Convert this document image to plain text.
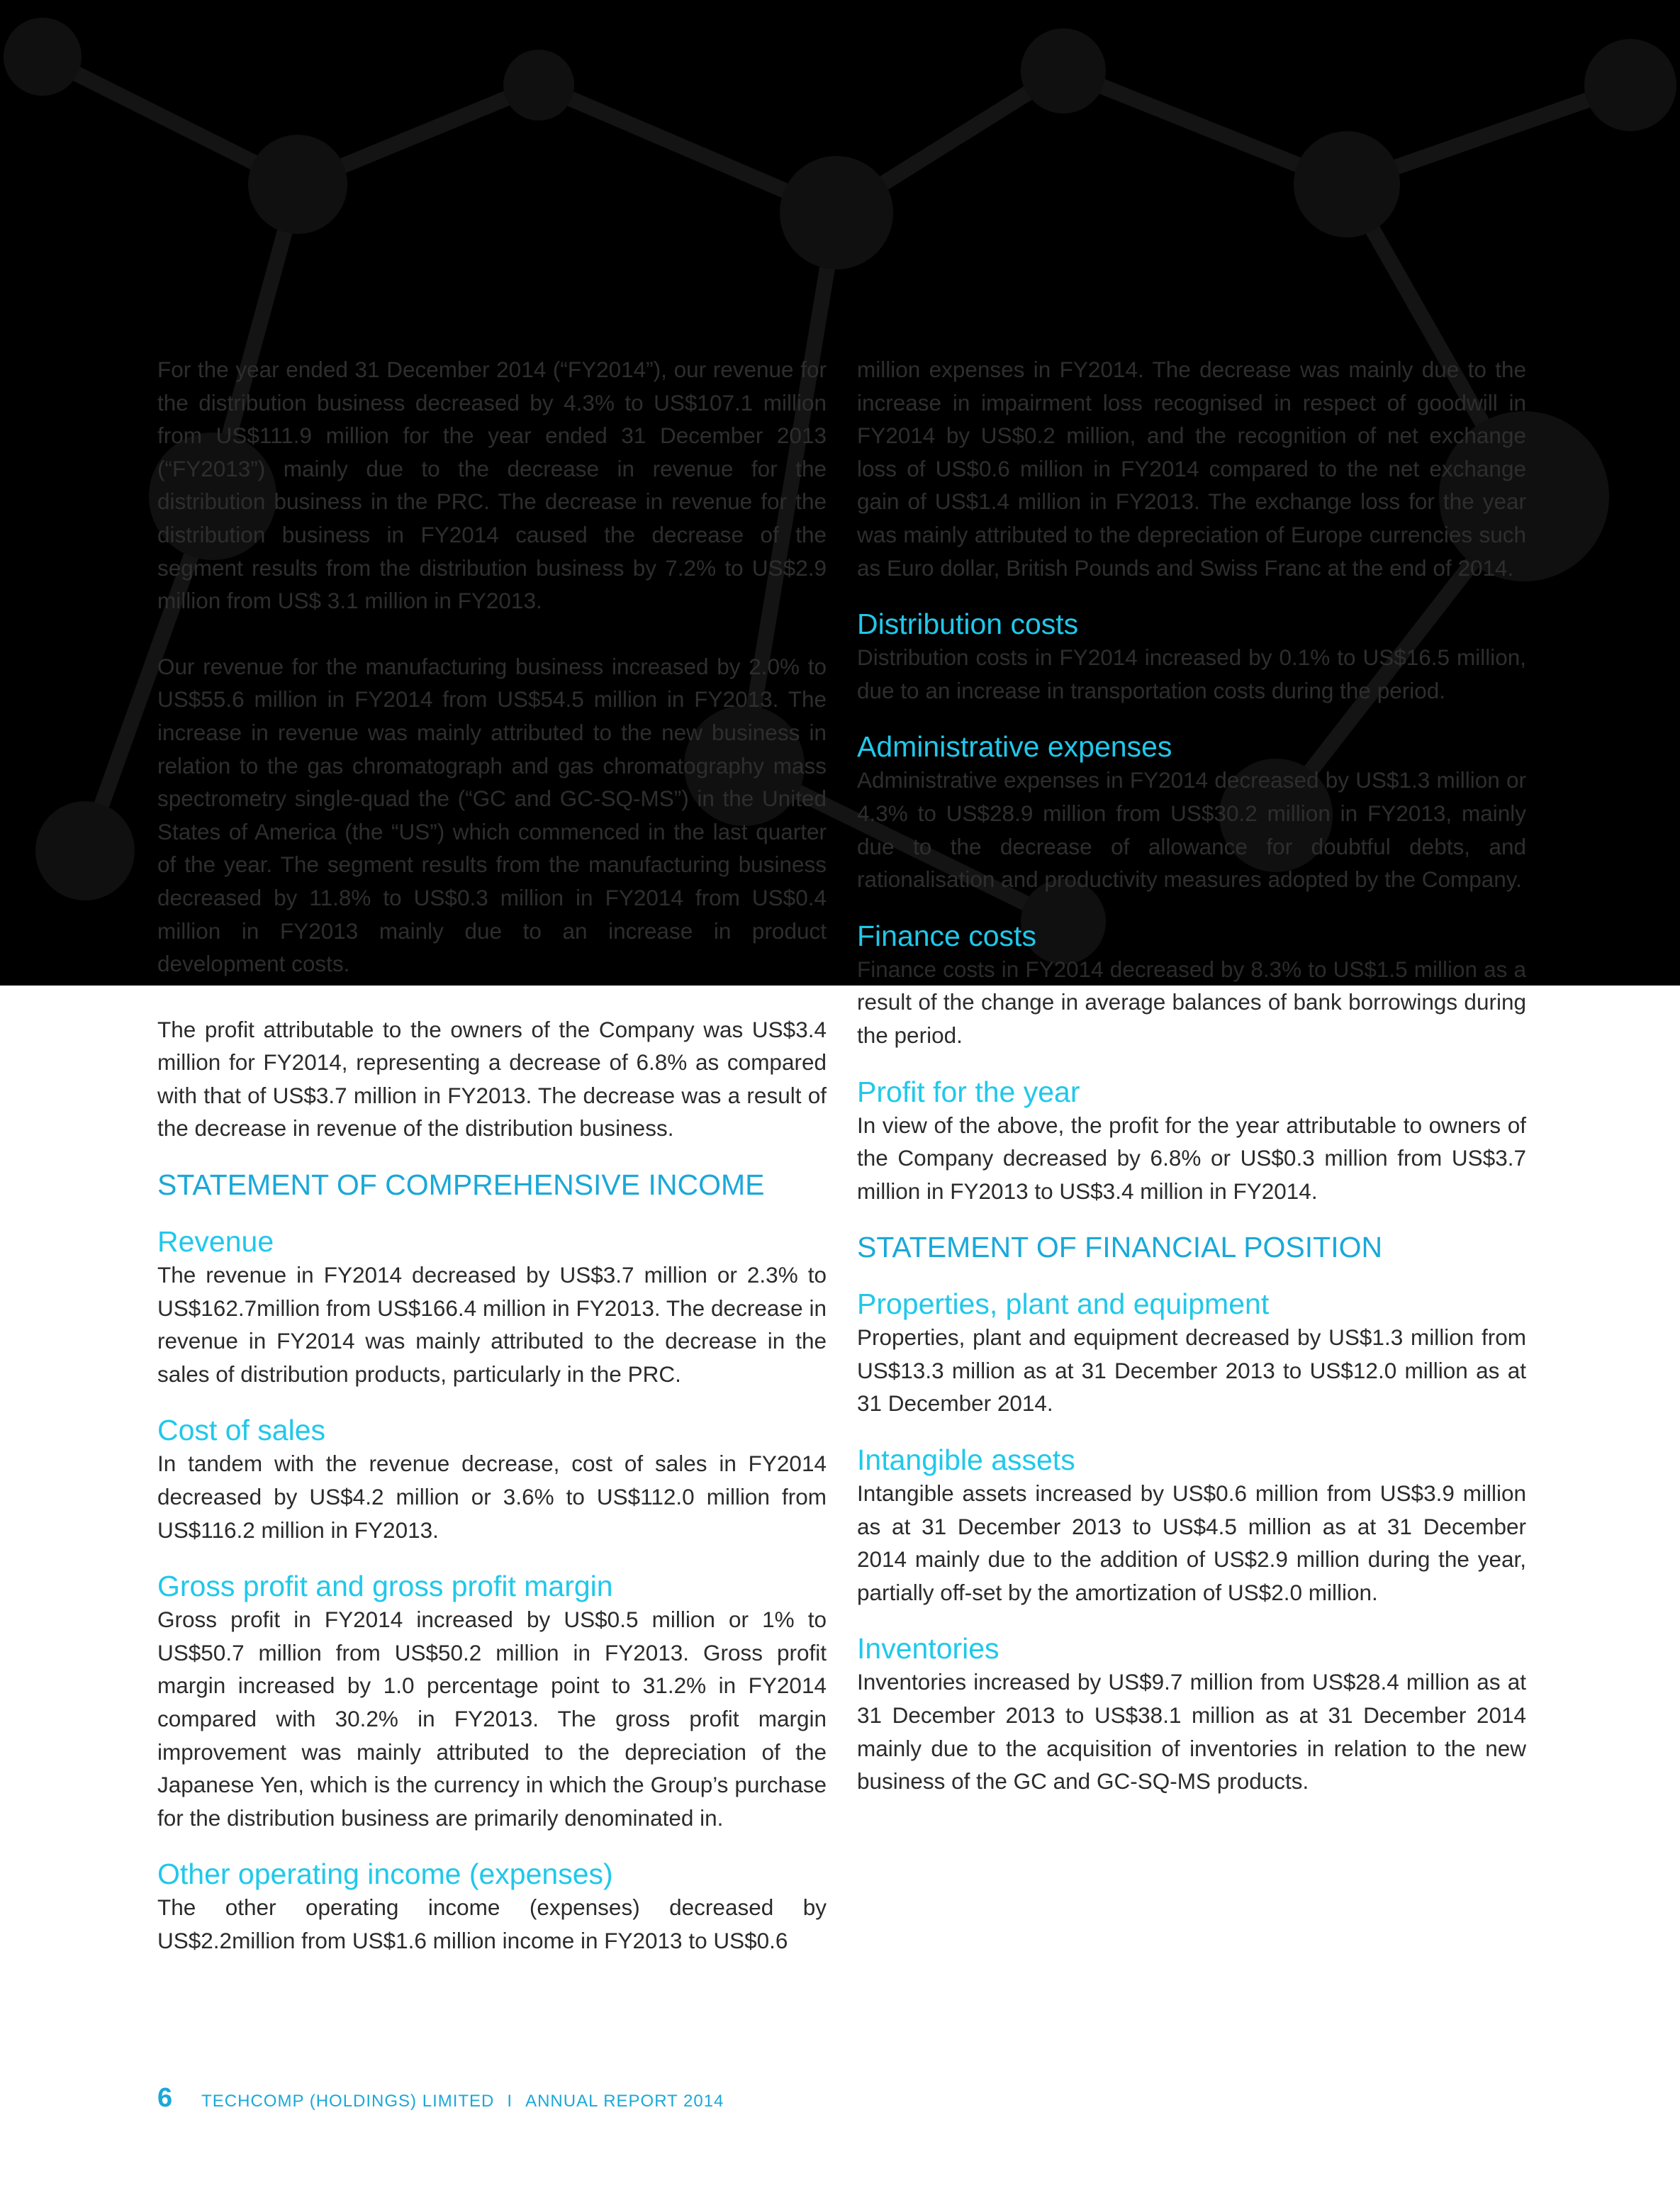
For the year ended 31 December 2014 (“FY2014”), our revenue for the distribution business decreased by 4.3% to US$107.1 million from US$111.9 million for the year ended 31 December 2013 (“FY2013”) mainly due to the decrease in revenue for the distribution business in the PRC. The decrease in revenue for the distribution business in FY2014 caused the decrease of the segment results from the distribution business by 7.2% to US$2.9 million from US$ 3.1 million in FY2013.

Our revenue for the manufacturing business increased by 2.0% to US$55.6 million in FY2014 from US$54.5 million in FY2013. The increase in revenue was mainly attributed to the new business in relation to the gas chromatograph and gas chromatography mass spectrometry single-quad the (“GC and GC-SQ-MS”) in the United States of America (the “US”) which commenced in the last quarter of the year. The segment results from the manufacturing business decreased by 11.8% to US$0.3 million in FY2014 from US$0.4 million in FY2013 mainly due to an increase in product development costs.

The profit attributable to the owners of the Company was US$3.4 million for FY2014, representing a decrease of 6.8% as compared with that of US$3.7 million in FY2013. The decrease was a result of the decrease in revenue of the distribution business.

STATEMENT OF COMPREHENSIVE INCOME
Revenue

The revenue in FY2014 decreased by US$3.7 million or 2.3% to US$162.7million from US$166.4 million in FY2013. The decrease in revenue in FY2014 was mainly attributed to the decrease in the sales of distribution products, particularly in the PRC.

Cost of sales

In tandem with the revenue decrease, cost of sales in FY2014 decreased by US$4.2 million or 3.6% to US$112.0 million from US$116.2 million in FY2013.

Gross profit and gross profit margin

Gross profit in FY2014 increased by US$0.5 million or 1% to US$50.7 million from US$50.2 million in FY2013. Gross profit margin increased by 1.0 percentage point to 31.2% in FY2014 compared with 30.2% in FY2013. The gross profit margin improvement was mainly attributed to the depreciation of the Japanese Yen, which is the currency in which the Group’s purchase for the distribution business are primarily denominated in.

Other operating income (expenses)

The other operating income (expenses) decreased by US$2.2million from US$1.6 million income in FY2013 to US$0.6

million expenses in FY2014. The decrease was mainly due to the increase in impairment loss recognised in respect of goodwill in FY2014 by US$0.2 million, and the recognition of net exchange loss of US$0.6 million in FY2014 compared to the net exchange gain of US$1.4 million in FY2013. The exchange loss for the year was mainly attributed to the depreciation of Europe currencies such as Euro dollar, British Pounds and Swiss Franc at the end of 2014.

Distribution costs

Distribution costs in FY2014 increased by 0.1% to US$16.5 million, due to an increase in transportation costs during the period.

Administrative expenses

Administrative expenses in FY2014 decreased by US$1.3 million or 4.3% to US$28.9 million from US$30.2 million in FY2013, mainly due to the decrease of allowance for doubtful debts, and rationalisation and productivity measures adopted by the Company.

Finance costs

Finance costs in FY2014 decreased by 8.3% to US$1.5 million as a result of the change in average balances of bank borrowings during the period.

Profit for the year

In view of the above, the profit for the year attributable to owners of the Company decreased by 6.8% or US$0.3 million from US$3.7 million in FY2013 to US$3.4 million in FY2014.

STATEMENT OF FINANCIAL POSITION
Properties, plant and equipment

Properties, plant and equipment decreased by US$1.3 million from US$13.3 million as at 31 December 2013 to US$12.0 million as at 31 December 2014.

Intangible assets

Intangible assets increased by US$0.6 million from US$3.9 million as at 31 December 2013 to US$4.5 million as at 31 December 2014 mainly due to the addition of US$2.9 million during the year, partially off-set by the amortization of US$2.0 million.

Inventories

Inventories increased by US$9.7 million from US$28.4 million as at 31 December 2013 to US$38.1 million as at 31 December 2014 mainly due to the acquisition of inventories in relation to the new business of the GC and GC-SQ-MS products.

6 TECHCOMP (HOLDINGS) LIMITED I ANNUAL REPORT 2014
